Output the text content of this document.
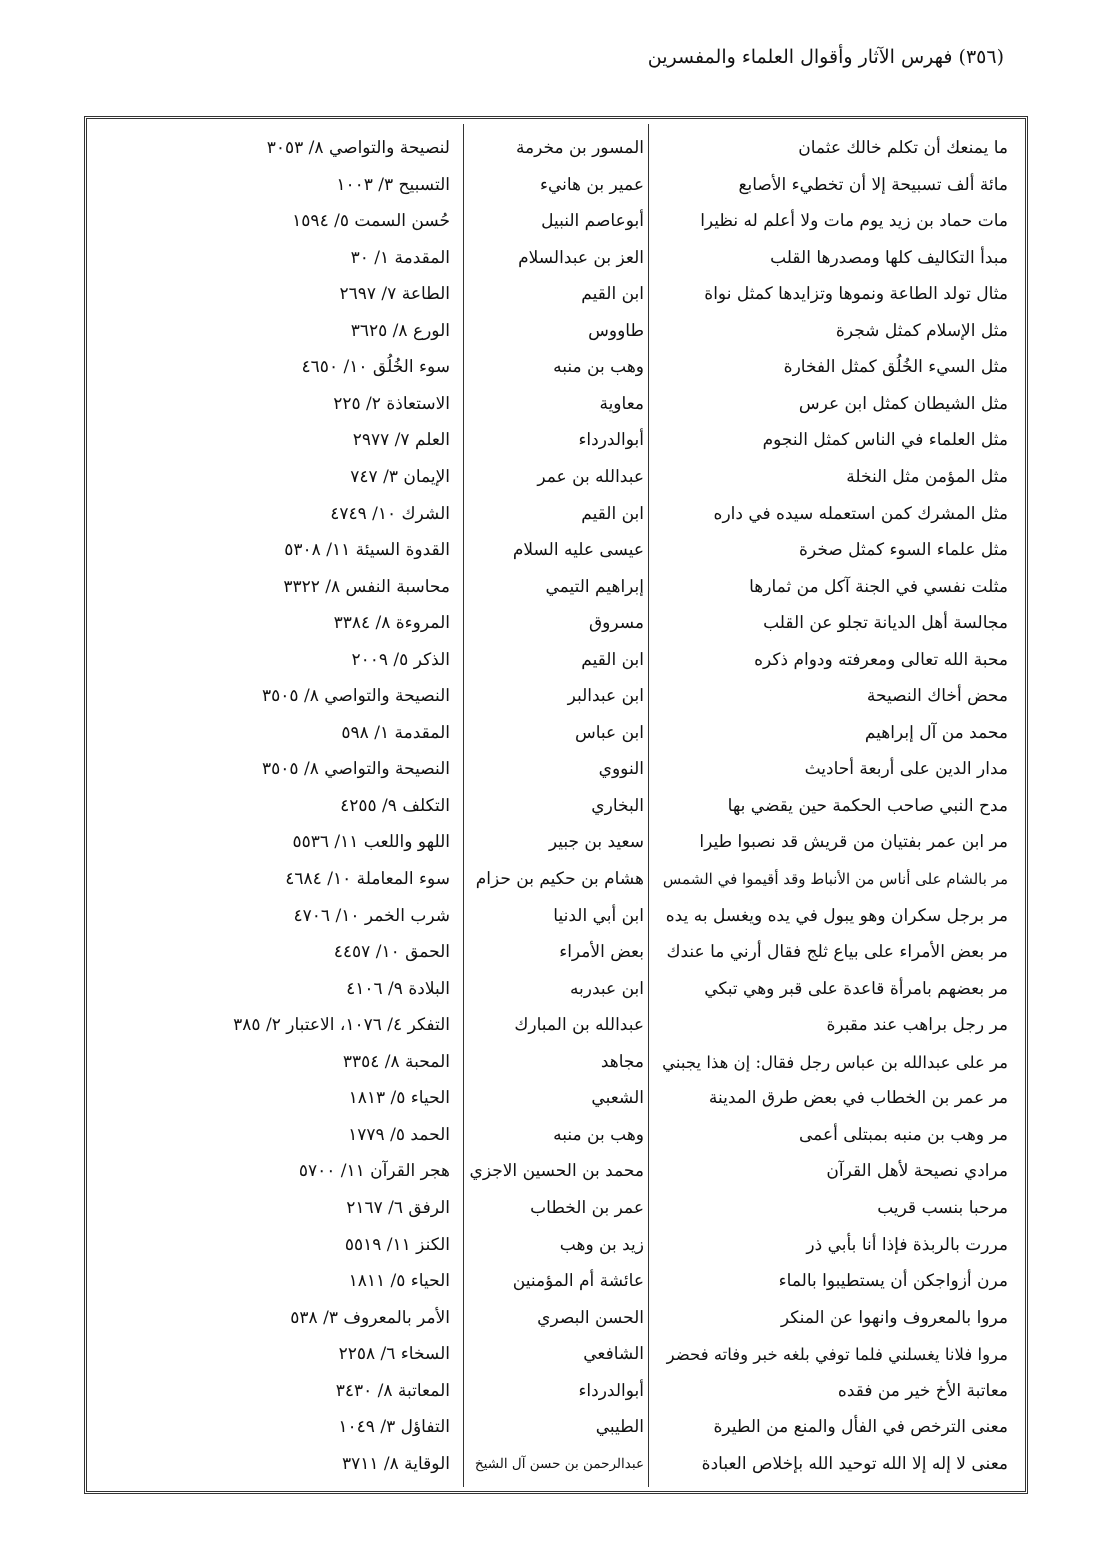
(٣٥٦) فهرس الآثار وأقوال العلماء والمفسرين
ما يمنعك أن تكلم خالك عثمان
المسور بن مخرمة
لنصيحة والتواصي ٨/ ٣٠٥٣
مائة ألف تسبيحة إلا أن تخطيء الأصابع
عمير بن هانيء
التسبيح ٣/ ١٠٠٣
مات حماد بن زيد يوم مات ولا أعلم له نظيرا
أبوعاصم النبيل
حُسن السمت ٥/ ١٥٩٤
مبدأ التكاليف كلها ومصدرها القلب
العز بن عبدالسلام
المقدمة ١/ ٣٠
مثال تولد الطاعة ونموها وتزايدها كمثل نواة
ابن القيم
الطاعة ٧/ ٢٦٩٧
مثل الإسلام كمثل شجرة
طاووس
الورع ٨/ ٣٦٢٥
مثل السيء الخُلُق كمثل الفخارة
وهب بن منبه
سوء الخُلُق ١٠/ ٤٦٥٠
مثل الشيطان كمثل ابن عرس
معاوية
الاستعاذة ٢/ ٢٢٥
مثل العلماء في الناس كمثل النجوم
أبوالدرداء
العلم ٧/ ٢٩٧٧
مثل المؤمن مثل النخلة
عبدالله بن عمر
الإيمان ٣/ ٧٤٧
مثل المشرك كمن استعمله سيده في داره
ابن القيم
الشرك ١٠/ ٤٧٤٩
مثل علماء السوء كمثل صخرة
عيسى عليه السلام
القدوة السيئة ١١/ ٥٣٠٨
مثلت نفسي في الجنة آكل من ثمارها
إبراهيم التيمي
محاسبة النفس ٨/ ٣٣٢٢
مجالسة أهل الديانة تجلو عن القلب
مسروق
المروءة ٨/ ٣٣٨٤
محبة الله تعالى ومعرفته ودوام ذكره
ابن القيم
الذكر ٥/ ٢٠٠٩
محض أخاك النصيحة
ابن عبدالبر
النصيحة والتواصي ٨/ ٣٥٠٥
محمد من آل إبراهيم
ابن عباس
المقدمة ١/ ٥٩٨
مدار الدين على أربعة أحاديث
النووي
النصيحة والتواصي ٨/ ٣٥٠٥
مدح النبي صاحب الحكمة حين يقضي بها
البخاري
التكلف ٩/ ٤٢٥٥
مر ابن عمر بفتيان من قريش قد نصبوا طيرا
سعيد بن جبير
اللهو واللعب ١١/ ٥٥٣٦
مر بالشام على أناس من الأنباط وقد أقيموا في الشمس
هشام بن حكيم بن حزام
سوء المعاملة ١٠/ ٤٦٨٤
مر برجل سكران وهو يبول في يده ويغسل به يده
ابن أبي الدنيا
شرب الخمر ١٠/ ٤٧٠٦
مر بعض الأمراء على بياع ثلج فقال أرني ما عندك
بعض الأمراء
الحمق ١٠/ ٤٤٥٧
مر بعضهم بامرأة قاعدة على قبر وهي تبكي
ابن عبدربه
البلادة ٩/ ٤١٠٦
مر رجل براهب عند مقبرة
عبدالله بن المبارك
التفكر ٤/ ١٠٧٦، الاعتبار ٢/ ٣٨٥
مر على عبدالله بن عباس رجل فقال: إن هذا يجبني
مجاهد
المحبة ٨/ ٣٣٥٤
مر عمر بن الخطاب في بعض طرق المدينة
الشعبي
الحياء ٥/ ١٨١٣
مر وهب بن منبه بمبتلى أعمى
وهب بن منبه
الحمد ٥/ ١٧٧٩
مرادي نصيحة لأهل القرآن
محمد بن الحسين الاجزي
هجر القرآن ١١/ ٥٧٠٠
مرحبا بنسب قريب
عمر بن الخطاب
الرفق ٦/ ٢١٦٧
مررت بالربذة فإذا أنا بأبي ذر
زيد بن وهب
الكنز ١١/ ٥٥١٩
مرن أزواجكن أن يستطيبوا بالماء
عائشة أم المؤمنين
الحياء ٥/ ١٨١١
مروا بالمعروف وانهوا عن المنكر
الحسن البصري
الأمر بالمعروف ٣/ ٥٣٨
مروا فلانا يغسلني فلما توفي بلغه خبر وفاته فحضر
الشافعي
السخاء ٦/ ٢٢٥٨
معاتبة الأخ خير من فقده
أبوالدرداء
المعاتبة ٨/ ٣٤٣٠
معنى الترخص في الفأل والمنع من الطيرة
الطيبي
التفاؤل ٣/ ١٠٤٩
معنى لا إله إلا الله توحيد الله بإخلاص العبادة
عبدالرحمن بن حسن آل الشيخ
الوقاية ٨/ ٣٧١١
